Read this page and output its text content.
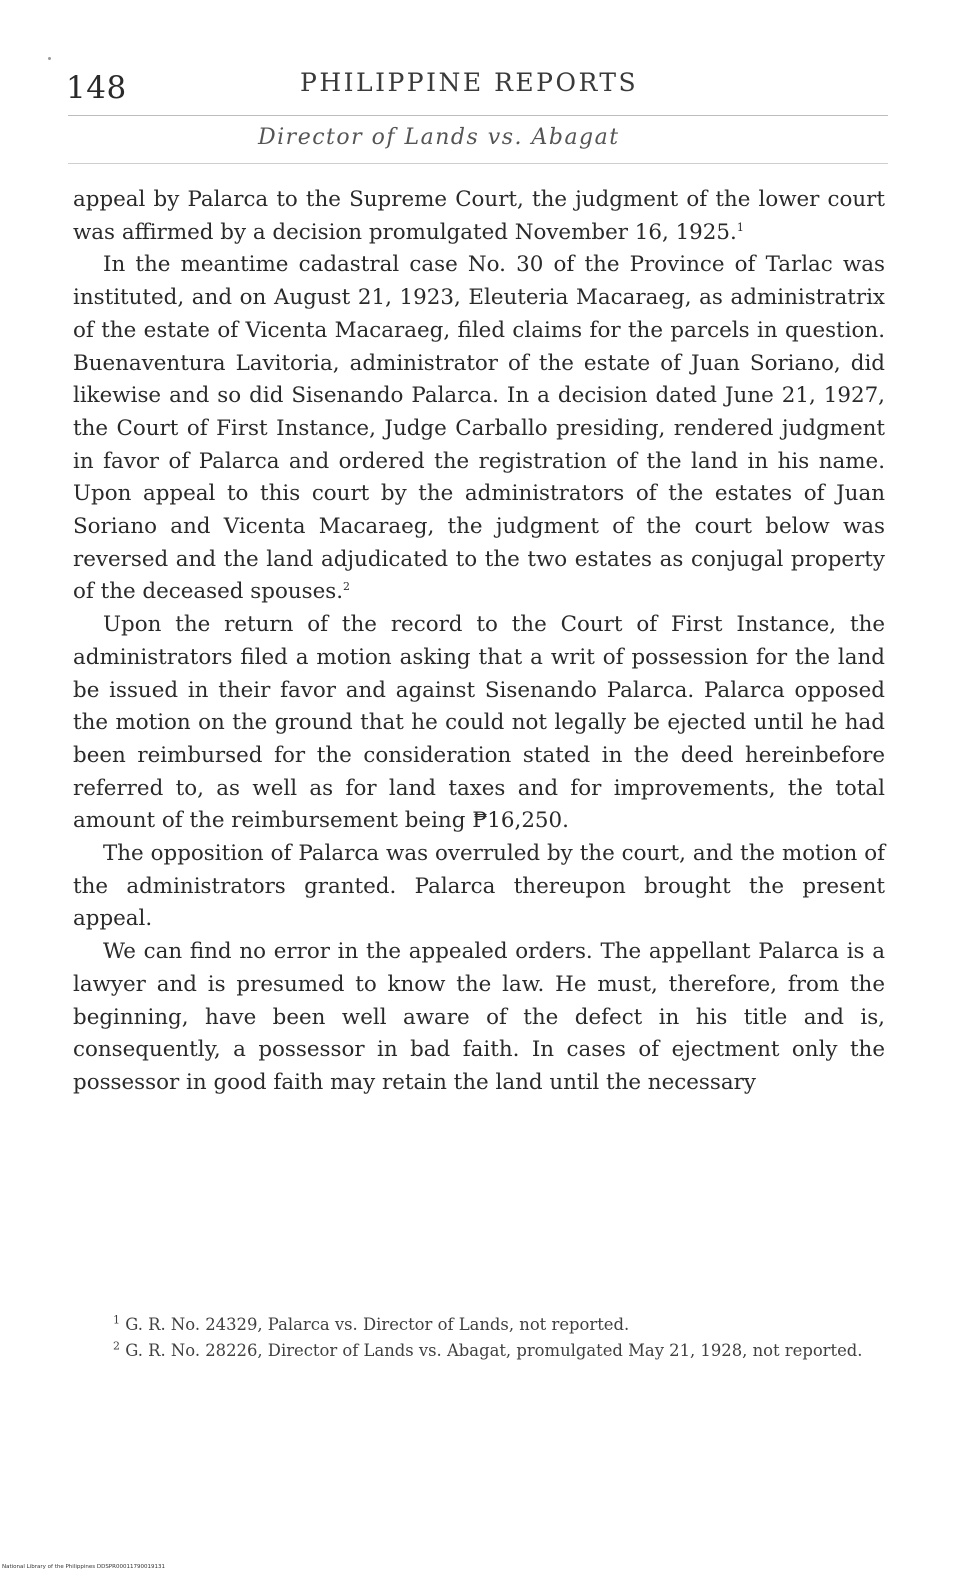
148	PHILIPPINE REPORTS
Director of Lands vs. Abagat

appeal by Palarca to the Supreme Court, the judgment of the lower court was affirmed by a decision promulgated November 16, 1925.$^1$

In the meantime cadastral case No. 30 of the Province of Tarlac was instituted, and on August 21, 1923, Eleuteria Macaraeg, as administratrix of the estate of Vicenta Macaraeg, filed claims for the parcels in question. Buenaventura Lavitoria, administrator of the estate of Juan Soriano, did likewise and so did Sisenando Palarca. In a decision dated June 21, 1927, the Court of First Instance, Judge Carballo presiding, rendered judgment in favor of Palarca and ordered the registration of the land in his name. Upon appeal to this court by the administrators of the estates of Juan Soriano and Vicenta Macaraeg, the judgment of the court below was reversed and the land adjudicated to the two estates as conjugal property of the deceased spouses.$^2$

Upon the return of the record to the Court of First Instance, the administrators filed a motion asking that a writ of possession for the land be issued in their favor and against Sisenando Palarca. Palarca opposed the motion on the ground that he could not legally be ejected until he had been reimbursed for the consideration stated in the deed hereinbefore referred to, as well as for land taxes and for improvements, the total amount of the reimbursement being ₱16,250.

The opposition of Palarca was overruled by the court, and the motion of the administrators granted. Palarca thereupon brought the present appeal.

We can find no error in the appealed orders. The appellant Palarca is a lawyer and is presumed to know the law. He must, therefore, from the beginning, have been well aware of the defect in his title and is, consequently, a possessor in bad faith. In cases of ejectment only the possessor in good faith may retain the land until the necessary

$^1$ G. R. No. 24329, Palarca vs. Director of Lands, not reported.

$^2$ G. R. No. 28226, Director of Lands vs. Abagat, promulgated May 21, 1928, not reported.

National Library of the Philippines DDSPR00011790019131
